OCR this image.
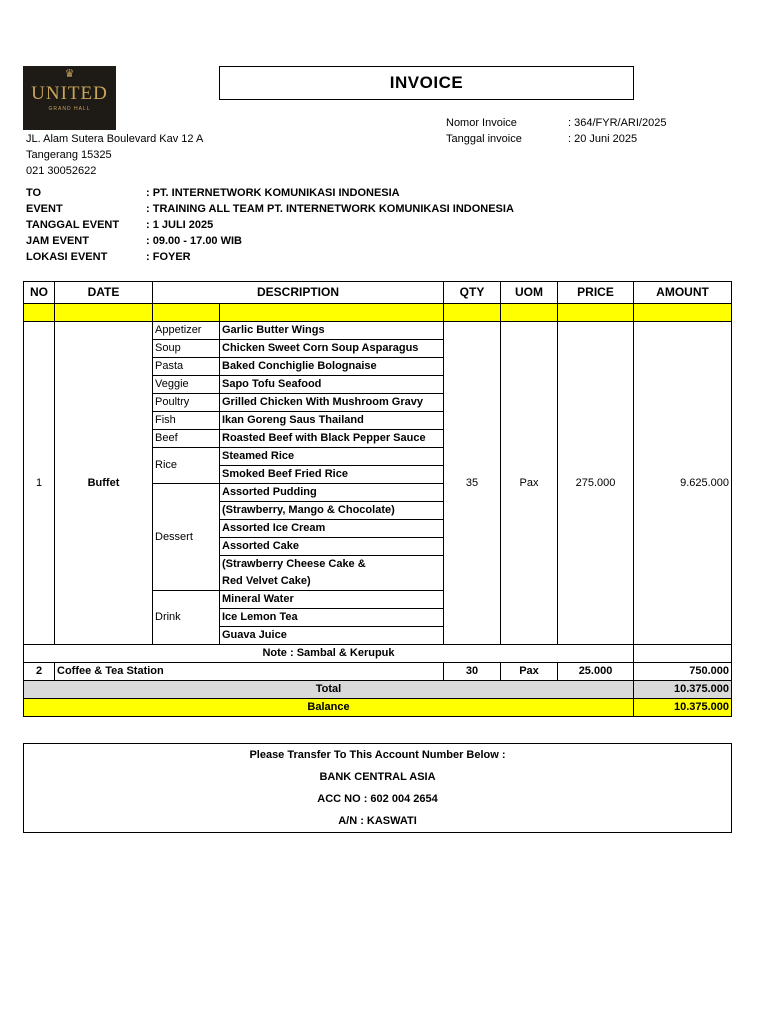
♛
UNITED
GRAND HALL
INVOICE
JL. Alam Sutera Boulevard Kav 12 A
Tangerang 15325
021 30052622
Nomor Invoice	: 364/FYR/ARI/2025
Tanggal invoice	: 20 Juni 2025
TO	: PT. INTERNETWORK KOMUNIKASI INDONESIA
EVENT	: TRAINING ALL TEAM PT. INTERNETWORK KOMUNIKASI INDONESIA
TANGGAL EVENT : 1 JULI 2025
JAM EVENT	: 09.00 - 17.00 WIB
LOKASI EVENT	: FOYER
NO	DATE	DESCRIPTION		QTY	UOM	PRICE	AMOUNT

1	Buffet	Appetizer	Garlic Butter Wings	35	Pax	275.000	9.625.000
		Soup	Chicken Sweet Corn Soup Asparagus				
		Pasta	Baked Conchiglie Bolognaise				
		Veggie	Sapo Tofu Seafood				
		Poultry	Grilled Chicken With Mushroom Gravy				
		Fish	Ikan Goreng Saus Thailand				
		Beef	Roasted Beef with Black Pepper Sauce				
		Rice	Steamed Rice				
			Smoked Beef Fried Rice				
		Dessert	Assorted Pudding				
			(Strawberry, Mango & Chocolate)				
			Assorted Ice Cream				
			Assorted Cake				
			(Strawberry Cheese Cake &				
			Red Velvet Cake)				
		Drink	Mineral Water				
			Ice Lemon Tea				
			Guava Juice				
Note : Sambal & Kerupuk							
2	Coffee & Tea Station			30	Pax	25.000	750.000
Total							10.375.000
Balance							10.375.000
Please Transfer To This Account Number Below :
BANK CENTRAL ASIA
ACC NO : 602 004 2654
A/N : KASWATI
